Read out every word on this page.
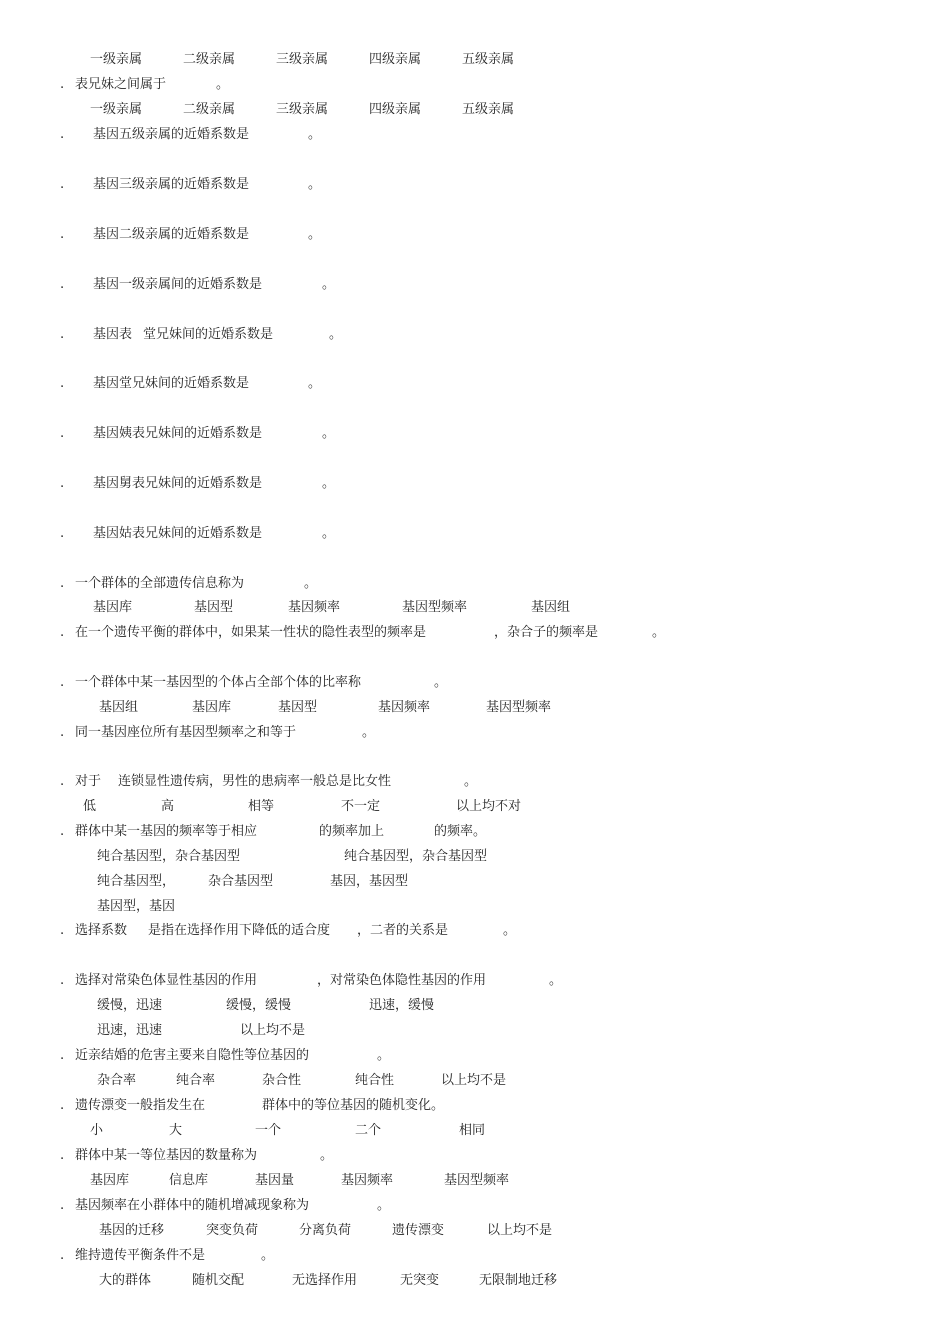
一级亲属	二级亲属	三级亲属	四级亲属	五级亲属
. 表兄妹之间属于	。
一级亲属	二级亲属	三级亲属	四级亲属	五级亲属
. 基因五级亲属的近婚系数是	。
. 基因三级亲属的近婚系数是	。
. 基因二级亲属的近婚系数是	。
. 基因一级亲属间的近婚系数是	。
. 基因表 堂兄妹间的近婚系数是	。
. 基因堂兄妹间的近婚系数是	。
. 基因姨表兄妹间的近婚系数是	。
. 基因舅表兄妹间的近婚系数是	。
. 基因姑表兄妹间的近婚系数是	。
. 一个群体的全部遗传信息称为	。
基因库	基因型	基因频率	基因型频率	基因组
. 在一个遗传平衡的群体中，如果某一性状的隐性表型的频率是	，杂合子的频率是	。
. 一个群体中某一基因型的个体占全部个体的比率称	。
基因组	基因库	基因型	基因频率	基因型频率
. 同一基因座位所有基因型频率之和等于	。
. 对于 连锁显性遗传病，男性的患病率一般总是比女性	。
低	高	相等	不一定	以上均不对
. 群体中某一基因的频率等于相应	的频率加上	的频率。
纯合基因型，杂合基因型	纯合基因型，杂合基因型
纯合基因型，	杂合基因型	基因，基因型
基因型，基因
. 选择系数 是指在选择作用下降低的适合度 ，二者的关系是	。
. 选择对常染色体显性基因的作用	，对常染色体隐性基因的作用	。
缓慢，迅速	缓慢，缓慢	迅速，缓慢
迅速，迅速	以上均不是
. 近亲结婚的危害主要来自隐性等位基因的	。
杂合率	纯合率	杂合性	纯合性	以上均不是
. 遗传漂变一般指发生在	群体中的等位基因的随机变化。
小	大	一个	二个	相同
. 群体中某一等位基因的数量称为	。
基因库	信息库	基因量	基因频率	基因型频率
. 基因频率在小群体中的随机增减现象称为	。
基因的迁移	突变负荷	分离负荷	遗传漂变	以上均不是
. 维持遗传平衡条件不是	。
大的群体	随机交配	无选择作用	无突变	无限制地迁移
